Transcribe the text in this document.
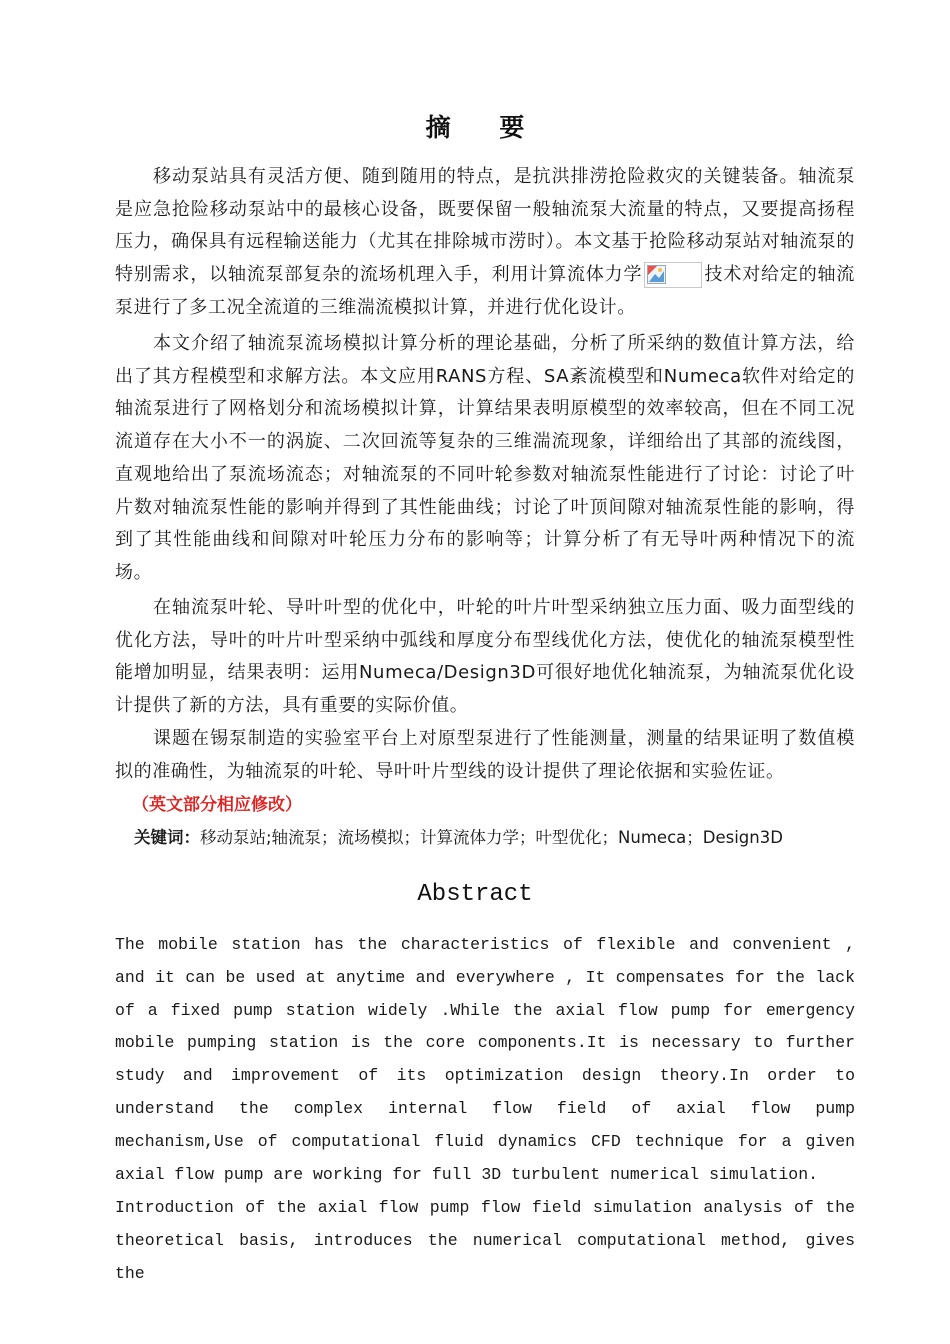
摘 要
移动泵站具有灵活方便、随到随用的特点，是抗洪排涝抢险救灾的关键装备。轴流泵是应急抢险移动泵站中的最核心设备，既要保留一般轴流泵大流量的特点，又要提高扬程压力，确保具有远程输送能力（尤其在排除城市涝时）。本文基于抢险移动泵站对轴流泵的特别需求，以轴流泵部复杂的流场机理入手，利用计算流体力学	技术对给定的轴流泵进行了多工况全流道的三维湍流模拟计算，并进行优化设计。
本文介绍了轴流泵流场模拟计算分析的理论基础，分析了所采纳的数值计算方法，给出了其方程模型和求解方法。本文应用RANS方程、SA紊流模型和Numeca软件对给定的轴流泵进行了网格划分和流场模拟计算，计算结果表明原模型的效率较高，但在不同工况流道存在大小不一的涡旋、二次回流等复杂的三维湍流现象，详细给出了其部的流线图，直观地给出了泵流场流态；对轴流泵的不同叶轮参数对轴流泵性能进行了讨论：讨论了叶片数对轴流泵性能的影响并得到了其性能曲线；讨论了叶顶间隙对轴流泵性能的影响，得到了其性能曲线和间隙对叶轮压力分布的影响等；计算分析了有无导叶两种情况下的流场。
在轴流泵叶轮、导叶叶型的优化中，叶轮的叶片叶型采纳独立压力面、吸力面型线的优化方法，导叶的叶片叶型采纳中弧线和厚度分布型线优化方法，使优化的轴流泵模型性能增加明显，结果表明：运用Numeca/Design3D可很好地优化轴流泵，为轴流泵优化设计提供了新的方法，具有重要的实际价值。
课题在锡泵制造的实验室平台上对原型泵进行了性能测量，测量的结果证明了数值模拟的准确性，为轴流泵的叶轮、导叶叶片型线的设计提供了理论依据和实验佐证。
（英文部分相应修改）
关键词：移动泵站;轴流泵；流场模拟；计算流体力学；叶型优化；Numeca；Design3D
Abstract
The mobile station has the characteristics of flexible and convenient , and it can be used at anytime and everywhere , It compensates for the lack of a fixed pump station widely .While the axial flow pump for emergency mobile pumping station is the core components.It is necessary to further study and improvement of its optimization design theory.In order to understand the complex internal flow field of axial flow pump mechanism,Use of computational fluid dynamics CFD technique for a given axial flow pump are working for full 3D turbulent numerical simulation.
Introduction of the axial flow pump flow field simulation analysis of the theoretical basis, introduces the numerical computational method, gives the
